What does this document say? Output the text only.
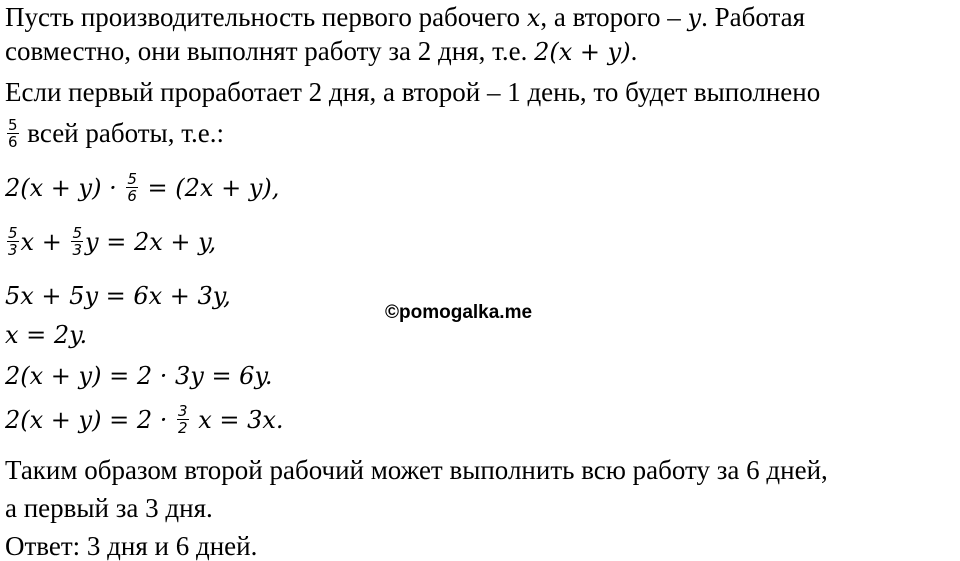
Пусть производительность первого рабочего x, а второго – y. Работая
совместно, они выполнят работу за 2 дня, т.е. 2(x + y).
Если первый проработает 2 дня, а второй – 1 день, то будет выполнено
$\frac{5}{6}$ всей работы, т.е.:
$2(x + y) \cdot \frac{5}{6} = (2x + y)$,
$\frac{5}{3}$ $x + \frac{5}{3}$ y = 2x + y,
5x + 5y = 6x + 3y,
x = 2y.
2(x + y) = 2 · 3y = 6y.
$2(x + y) = 2 \cdot \frac{3}{2}$ x = 3x.
Таким образом второй рабочий может выполнить всю работу за 6 дней,
а первый за 3 дня.
Ответ: 3 дня и 6 дней.
©pomogalka.me
